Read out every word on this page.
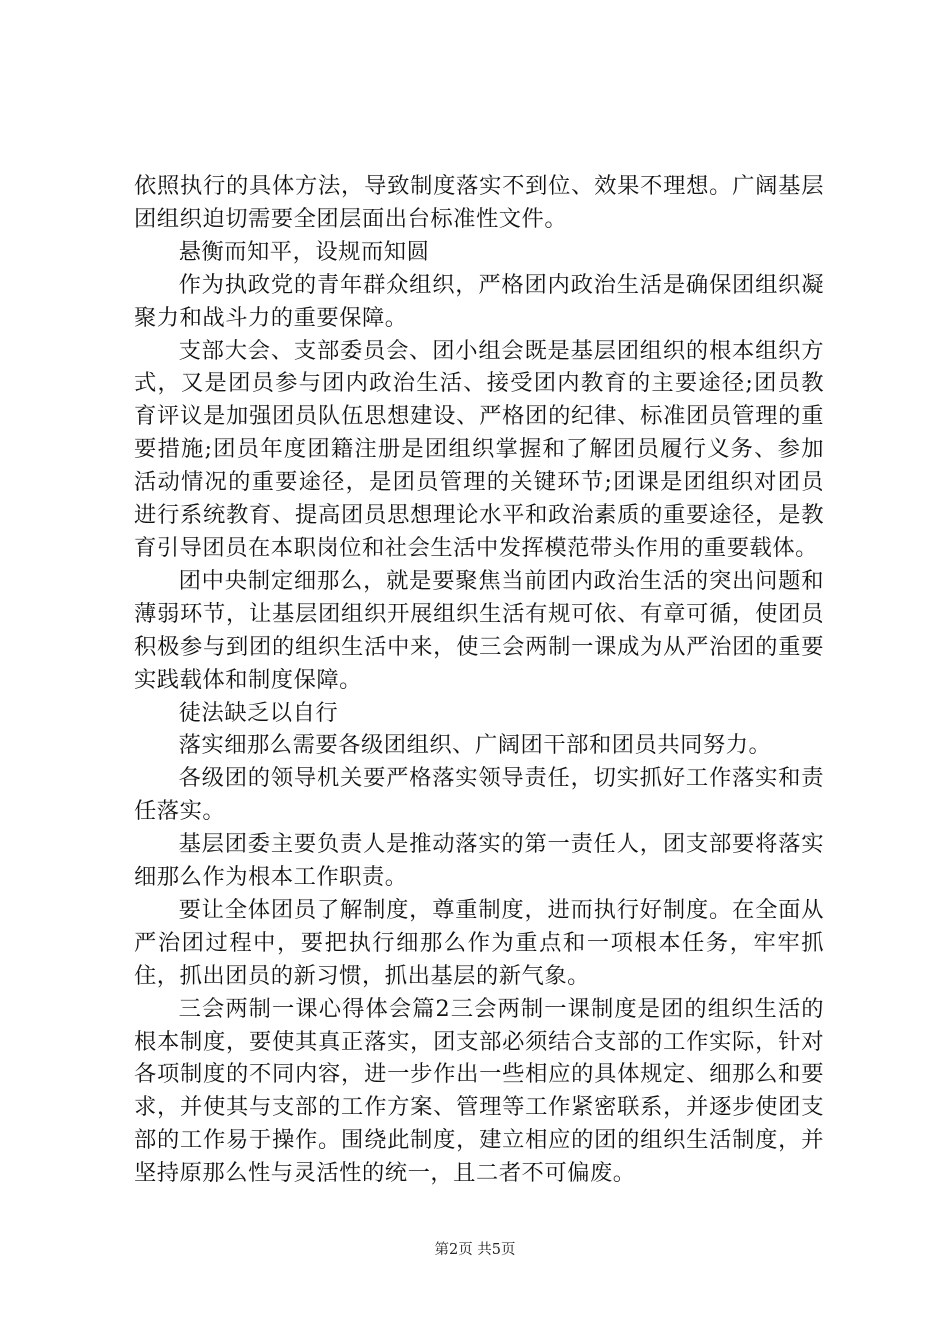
依照执行的具体方法，导致制度落实不到位、效果不理想。广阔基层团组织迫切需要全团层面出台标准性文件。

悬衡而知平，设规而知圆

作为执政党的青年群众组织，严格团内政治生活是确保团组织凝聚力和战斗力的重要保障。

支部大会、支部委员会、团小组会既是基层团组织的根本组织方式，又是团员参与团内政治生活、接受团内教育的主要途径;团员教育评议是加强团员队伍思想建设、严格团的纪律、标准团员管理的重要措施;团员年度团籍注册是团组织掌握和了解团员履行义务、参加活动情况的重要途径，是团员管理的关键环节;团课是团组织对团员进行系统教育、提高团员思想理论水平和政治素质的重要途径，是教育引导团员在本职岗位和社会生活中发挥模范带头作用的重要载体。

团中央制定细那么，就是要聚焦当前团内政治生活的突出问题和薄弱环节，让基层团组织开展组织生活有规可依、有章可循，使团员积极参与到团的组织生活中来，使三会两制一课成为从严治团的重要实践载体和制度保障。

徒法缺乏以自行

落实细那么需要各级团组织、广阔团干部和团员共同努力。

各级团的领导机关要严格落实领导责任，切实抓好工作落实和责任落实。

基层团委主要负责人是推动落实的第一责任人，团支部要将落实细那么作为根本工作职责。

要让全体团员了解制度，尊重制度，进而执行好制度。在全面从严治团过程中，要把执行细那么作为重点和一项根本任务，牢牢抓住，抓出团员的新习惯，抓出基层的新气象。

三会两制一课心得体会篇2三会两制一课制度是团的组织生活的根本制度，要使其真正落实，团支部必须结合支部的工作实际，针对各项制度的不同内容，进一步作出一些相应的具体规定、细那么和要求，并使其与支部的工作方案、管理等工作紧密联系，并逐步使团支部的工作易于操作。围绕此制度，建立相应的团的组织生活制度，并坚持原那么性与灵活性的统一，且二者不可偏废。

第2页 共5页
